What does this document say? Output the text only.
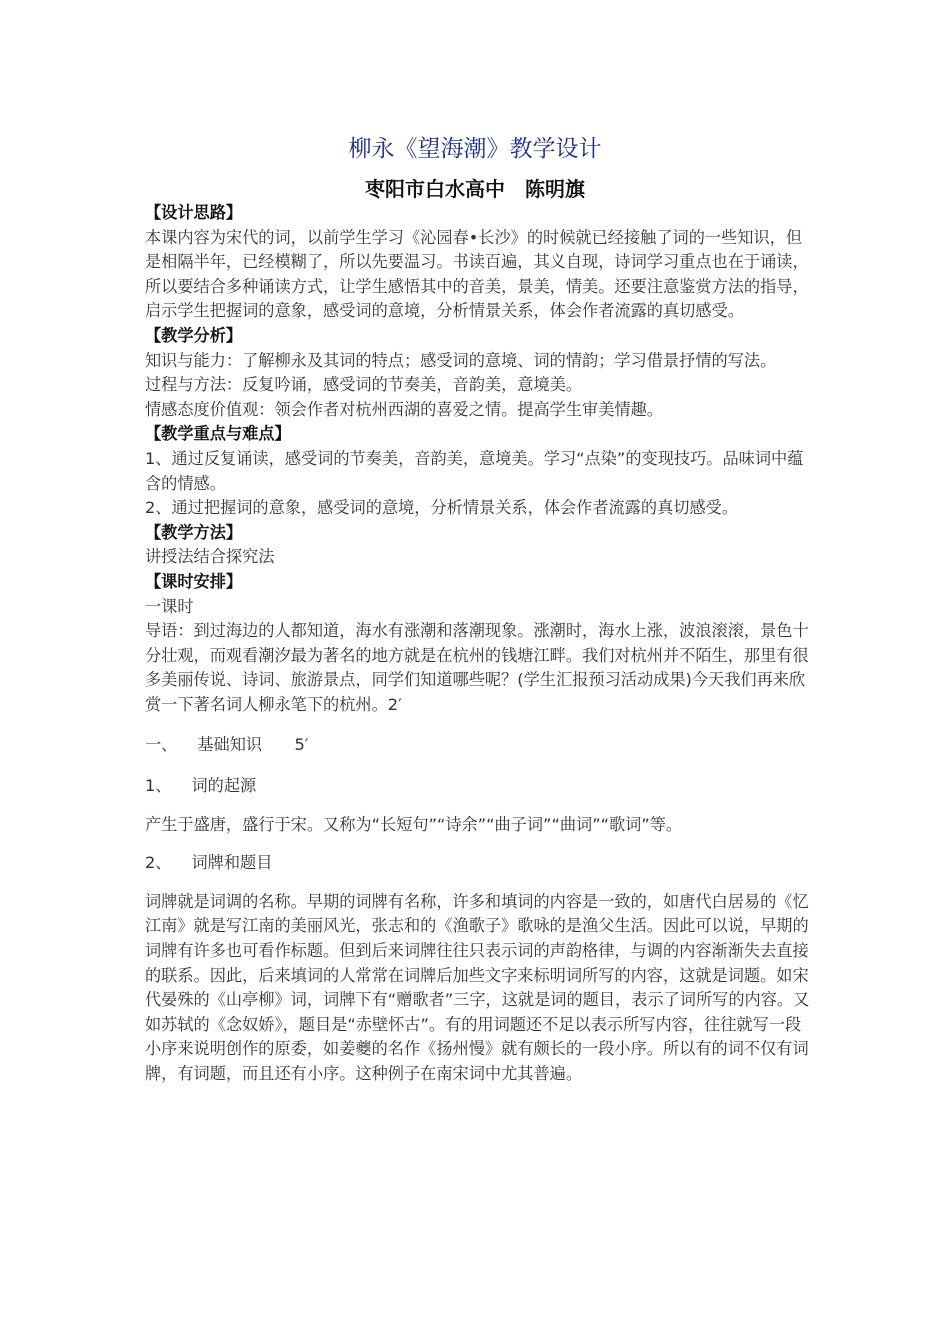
柳永《望海潮》教学设计
枣阳市白水高中　陈明旗

【设计思路】

本课内容为宋代的词，以前学生学习《沁园春•长沙》的时候就已经接触了词的一些知识，但是相隔半年，已经模糊了，所以先要温习。书读百遍，其义自现，诗词学习重点也在于诵读，所以要结合多种诵读方式，让学生感悟其中的音美，景美，情美。还要注意鉴赏方法的指导，启示学生把握词的意象，感受词的意境，分析情景关系，体会作者流露的真切感受。

【教学分析】

知识与能力：了解柳永及其词的特点；感受词的意境、词的情韵；学习借景抒情的写法。

过程与方法：反复吟诵，感受词的节奏美，音韵美，意境美。

情感态度价值观：领会作者对杭州西湖的喜爱之情。提高学生审美情趣。

【教学重点与难点】

1、通过反复诵读，感受词的节奏美，音韵美，意境美。学习“点染”的变现技巧。品味词中蕴含的情感。

2、通过把握词的意象，感受词的意境，分析情景关系，体会作者流露的真切感受。

【教学方法】

讲授法结合探究法

【课时安排】

一课时

导语：到过海边的人都知道，海水有涨潮和落潮现象。涨潮时，海水上涨，波浪滚滚，景色十分壮观，而观看潮汐最为著名的地方就是在杭州的钱塘江畔。我们对杭州并不陌生，那里有很多美丽传说、诗词、旅游景点，同学们知道哪些呢？(学生汇报预习活动成果)今天我们再来欣赏一下著名词人柳永笔下的杭州。2′

一、 基础知识　　5′

1、 词的起源

产生于盛唐，盛行于宋。又称为“长短句”“诗余”“曲子词”“曲词”“歌词”等。

2、 词牌和题目

词牌就是词调的名称。早期的词牌有名称，许多和填词的内容是一致的，如唐代白居易的《忆江南》就是写江南的美丽风光，张志和的《渔歌子》歌咏的是渔父生活。因此可以说，早期的词牌有许多也可看作标题。但到后来词牌往往只表示词的声韵格律，与调的内容渐渐失去直接的联系。因此，后来填词的人常常在词牌后加些文字来标明词所写的内容，这就是词题。如宋代晏殊的《山亭柳》词，词牌下有“赠歌者”三字，这就是词的题目，表示了词所写的内容。又如苏轼的《念奴娇》，题目是“赤壁怀古”。有的用词题还不足以表示所写内容，往往就写一段小序来说明创作的原委，如姜夔的名作《扬州慢》就有颇长的一段小序。所以有的词不仅有词牌，有词题，而且还有小序。这种例子在南宋词中尤其普遍。
